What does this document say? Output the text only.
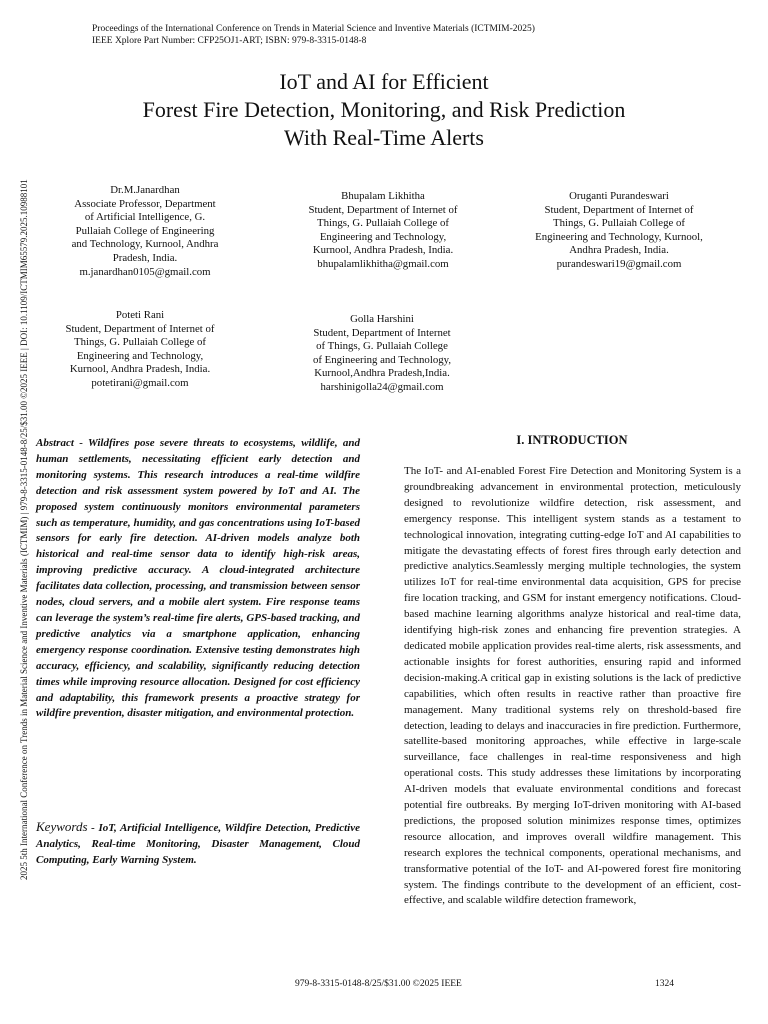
Proceedings of the International Conference on Trends in Material Science and Inventive Materials (ICTMIM-2025)
IEEE Xplore Part Number: CFP25OJ1-ART; ISBN: 979-8-3315-0148-8
2025 5th International Conference on Trends in Material Science and Inventive Materials (ICTMIM) | 979-8-3315-0148-8/25/$31.00 ©2025 IEEE | DOI: 10.1109/ICTMIM65579.2025.10988101
IoT and AI for Efficient
Forest Fire Detection, Monitoring, and Risk Prediction
With Real-Time Alerts
Dr.M.Janardhan
Associate Professor, Department
of Artificial Intelligence, G.
Pullaiah College of Engineering
and Technology, Kurnool, Andhra
Pradesh, India.
m.janardhan0105@gmail.com
Bhupalam Likhitha
Student, Department of Internet of
Things, G. Pullaiah College of
Engineering and Technology,
Kurnool, Andhra Pradesh, India.
bhupalamlikhitha@gmail.com
Oruganti Purandeswari
Student, Department of Internet of
Things, G. Pullaiah College of
Engineering and Technology, Kurnool,
Andhra Pradesh, India.
purandeswari19@gmail.com
Poteti Rani
Student, Department of Internet of
Things, G. Pullaiah College of
Engineering and Technology,
Kurnool, Andhra Pradesh, India.
potetirani@gmail.com
Golla Harshini
Student, Department of Internet
of Things, G. Pullaiah College
of Engineering and Technology,
Kurnool,Andhra Pradesh,India.
harshinigolla24@gmail.com
Abstract - Wildfires pose severe threats to ecosystems, wildlife, and human settlements, necessitating efficient early detection and monitoring systems. This research introduces a real-time wildfire detection and risk assessment system powered by IoT and AI. The proposed system continuously monitors environmental parameters such as temperature, humidity, and gas concentrations using IoT-based sensors for early fire detection. AI-driven models analyze both historical and real-time sensor data to identify high-risk areas, improving predictive accuracy. A cloud-integrated architecture facilitates data collection, processing, and transmission between sensor nodes, cloud servers, and a mobile alert system. Fire response teams can leverage the system’s real-time fire alerts, GPS-based tracking, and predictive analytics via a smartphone application, enhancing emergency response coordination. Extensive testing demonstrates high accuracy, efficiency, and scalability, significantly reducing detection times while improving resource allocation. Designed for cost efficiency and adaptability, this framework presents a proactive strategy for wildfire prevention, disaster mitigation, and environmental protection.
Keywords - IoT, Artificial Intelligence, Wildfire Detection, Predictive Analytics, Real-time Monitoring, Disaster Management, Cloud Computing, Early Warning System.
I. INTRODUCTION
The IoT- and AI-enabled Forest Fire Detection and Monitoring System is a groundbreaking advancement in environmental protection, meticulously designed to revolutionize wildfire detection, risk assessment, and emergency response. This intelligent system stands as a testament to technological innovation, integrating cutting-edge IoT and AI capabilities to mitigate the devastating effects of forest fires through early detection and predictive analytics.Seamlessly merging multiple technologies, the system utilizes IoT for real-time environmental data acquisition, GPS for precise fire location tracking, and GSM for instant emergency notifications. Cloud-based machine learning algorithms analyze historical and real-time data, identifying high-risk zones and enhancing fire prevention strategies. A dedicated mobile application provides real-time alerts, risk assessments, and actionable insights for forest authorities, ensuring rapid and informed decision-making.A critical gap in existing solutions is the lack of predictive capabilities, which often results in reactive rather than proactive fire management. Many traditional systems rely on threshold-based fire detection, leading to delays and inaccuracies in fire prediction. Furthermore, satellite-based monitoring approaches, while effective in large-scale surveillance, face challenges in real-time responsiveness and high operational costs. This study addresses these limitations by incorporating AI-driven models that evaluate environmental conditions and forecast potential fire outbreaks. By merging IoT-driven monitoring with AI-based predictions, the proposed solution minimizes response times, optimizes resource allocation, and improves overall wildfire management. This research explores the technical components, operational mechanisms, and transformative potential of the IoT- and AI-powered forest fire monitoring system. The findings contribute to the development of an efficient, cost-effective, and scalable wildfire detection framework,
979-8-3315-0148-8/25/$31.00 ©2025 IEEE	1324
